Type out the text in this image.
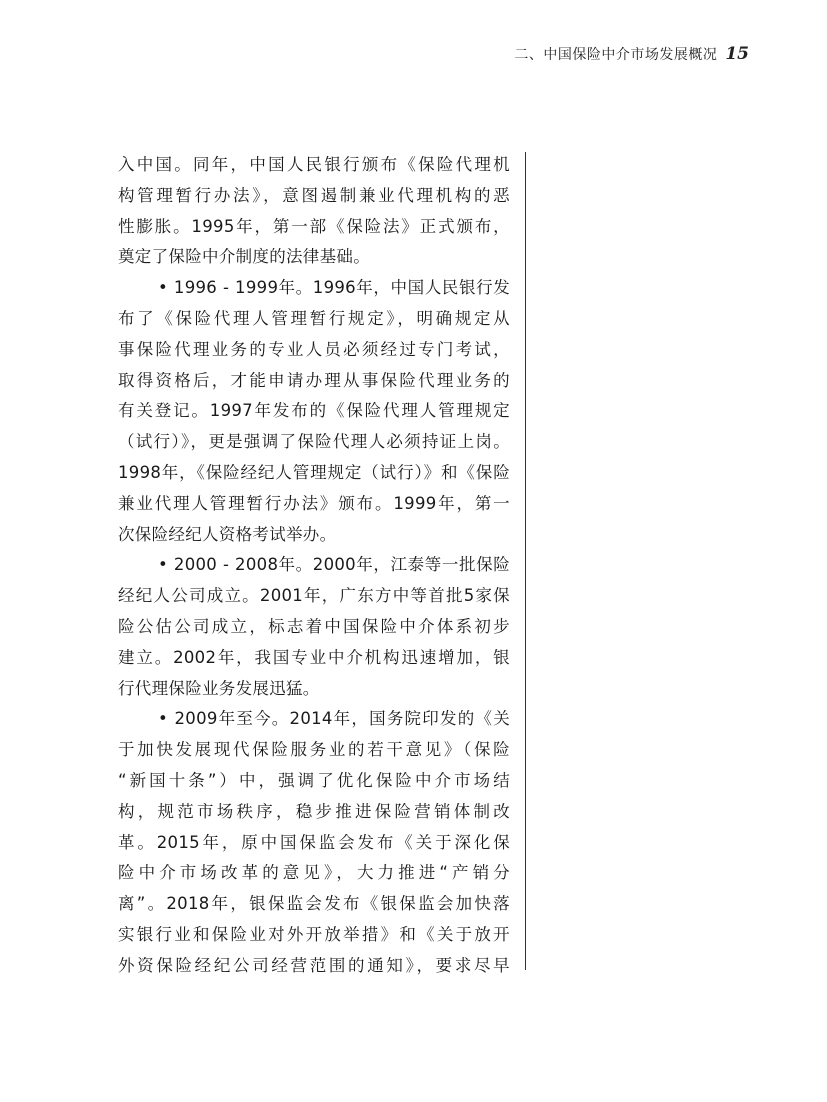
二、中国保险中介市场发展概况 15
入中国。同年，中国人民银行颁布《保险代理机
构管理暂行办法》，意图遏制兼业代理机构的恶
性膨胀。1995年，第一部《保险法》正式颁布，
奠定了保险中介制度的法律基础。
• 1996 - 1999年。1996年，中国人民银行发
布了《保险代理人管理暂行规定》，明确规定从
事保险代理业务的专业人员必须经过专门考试，
取得资格后，才能申请办理从事保险代理业务的
有关登记。1997年发布的《保险代理人管理规定
（试行）》，更是强调了保险代理人必须持证上岗。
1998年，《保险经纪人管理规定（试行）》和《保险
兼业代理人管理暂行办法》颁布。1999年，第一
次保险经纪人资格考试举办。
• 2000 - 2008年。2000年，江泰等一批保险
经纪人公司成立。2001年，广东方中等首批5家保
险公估公司成立，标志着中国保险中介体系初步
建立。2002年，我国专业中介机构迅速增加，银
行代理保险业务发展迅猛。
• 2009年至今。2014年，国务院印发的《关
于加快发展现代保险服务业的若干意见》（保险
“新国十条”）中，强调了优化保险中介市场结
构，规范市场秩序，稳步推进保险营销体制改
革。2015年，原中国保监会发布《关于深化保
险中介市场改革的意见》，大力推进“产销分
离”。2018年，银保监会发布《银保监会加快落
实银行业和保险业对外开放举措》和《关于放开
外资保险经纪公司经营范围的通知》，要求尽早
